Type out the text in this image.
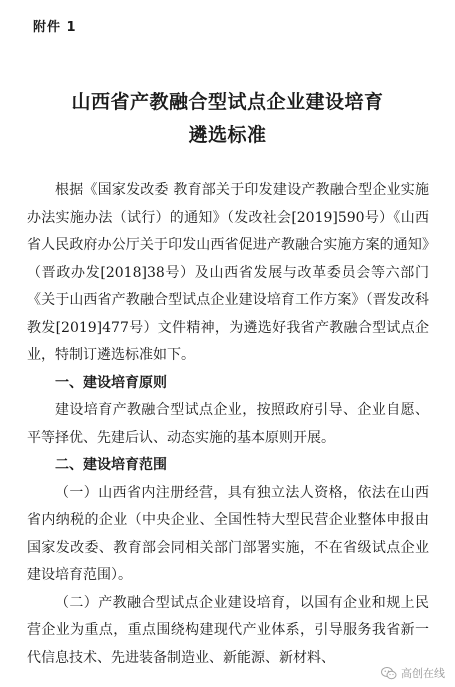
附件 1
山西省产教融合型试点企业建设培育
遴选标准

根据《国家发改委 教育部关于印发建设产教融合型企业实施办法实施办法（试行）的通知》（发改社会[2019]590号）《山西省人民政府办公厅关于印发山西省促进产教融合实施方案的通知》（晋政办发[2018]38号）及山西省发展与改革委员会等六部门《关于山西省产教融合型试点企业建设培育工作方案》（晋发改科教发[2019]477号）文件精神，为遴选好我省产教融合型试点企业，特制订遴选标准如下。

一、建设培育原则

建设培育产教融合型试点企业，按照政府引导、企业自愿、平等择优、先建后认、动态实施的基本原则开展。

二、建设培育范围

（一）山西省内注册经营，具有独立法人资格，依法在山西省内纳税的企业（中央企业、全国性特大型民营企业整体申报由国家发改委、教育部会同相关部门部署实施，不在省级试点企业建设培育范围）。

（二）产教融合型试点企业建设培育，以国有企业和规上民营企业为重点，重点围绕构建现代产业体系，引导服务我省新一代信息技术、先进装备制造业、新能源、新材料、

高创在线
